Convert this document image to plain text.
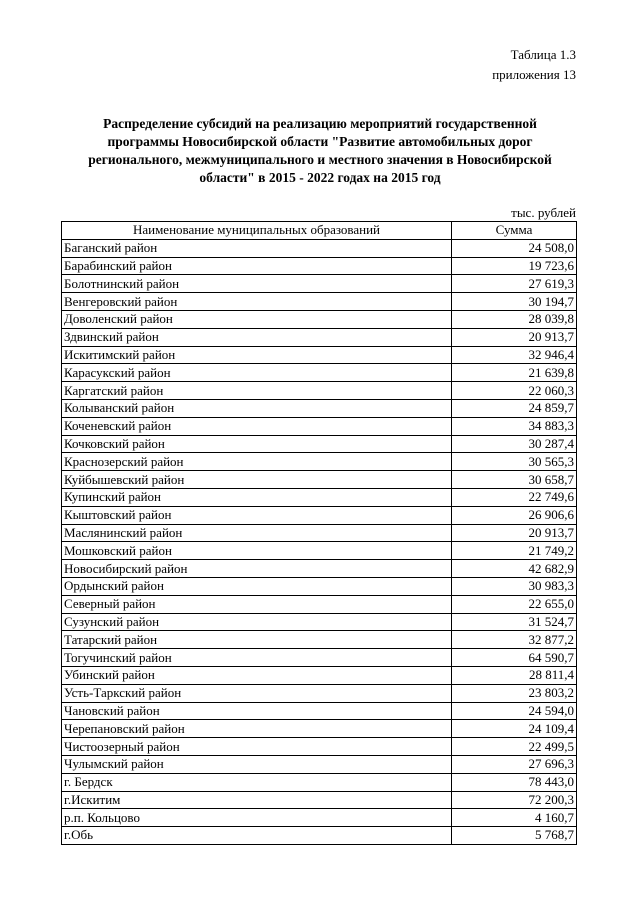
Таблица 1.3
приложения 13
Распределение субсидий на реализацию мероприятий государственной программы Новосибирской области "Развитие автомобильных дорог регионального, межмуниципального и местного значения в Новосибирской области" в 2015 - 2022 годах на 2015 год
тыс. рублей
Наименование муниципальных образований	Сумма
Баганский район	24 508,0
Барабинский район	19 723,6
Болотнинский район	27 619,3
Венгеровский район	30 194,7
Доволенский район	28 039,8
Здвинский район	20 913,7
Искитимский район	32 946,4
Карасукский район	21 639,8
Каргатский район	22 060,3
Колыванский район	24 859,7
Коченевский район	34 883,3
Кочковский район	30 287,4
Краснозерский район	30 565,3
Куйбышевский район	30 658,7
Купинский район	22 749,6
Кыштовский район	26 906,6
Маслянинский район	20 913,7
Мошковский район	21 749,2
Новосибирский район	42 682,9
Ордынский район	30 983,3
Северный район	22 655,0
Сузунский район	31 524,7
Татарский район	32 877,2
Тогучинский район	64 590,7
Убинский район	28 811,4
Усть-Таркский район	23 803,2
Чановский район	24 594,0
Черепановский район	24 109,4
Чистоозерный район	22 499,5
Чулымский район	27 696,3
г. Бердск	78 443,0
г.Искитим	72 200,3
р.п. Кольцово	4 160,7
г.Обь	5 768,7
